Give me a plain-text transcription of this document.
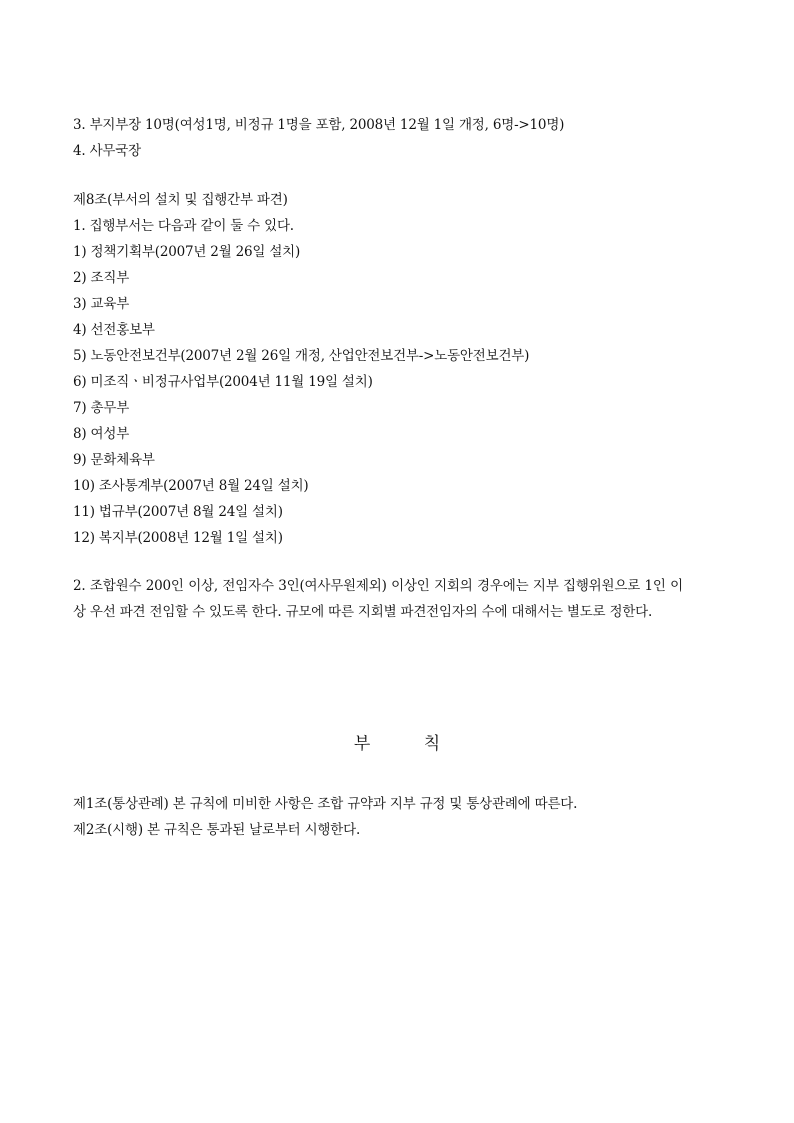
3. 부지부장 10명(여성1명, 비정규 1명을 포함, 2008년 12월 1일 개정, 6명->10명)
4. 사무국장
제8조(부서의 설치 및 집행간부 파견)
1. 집행부서는 다음과 같이 둘 수 있다.
1) 정책기획부(2007년 2월 26일 설치)
2) 조직부
3) 교육부
4) 선전홍보부
5) 노동안전보건부(2007년 2월 26일 개정, 산업안전보건부->노동안전보건부)
6) 미조직ㆍ비정규사업부(2004년 11월 19일 설치)
7) 총무부
8) 여성부
9) 문화체육부
10) 조사통계부(2007년 8월 24일 설치)
11) 법규부(2007년 8월 24일 설치)
12) 복지부(2008년 12월 1일 설치)
2. 조합원수 200인 이상, 전임자수 3인(여사무원제외) 이상인 지회의 경우에는 지부 집행위원으로 1인 이상 우선 파견 전임할 수 있도록 한다. 규모에 따른 지회별 파견전임자의 수에 대해서는 별도로 정한다.
부 칙
제1조(통상관례) 본 규칙에 미비한 사항은 조합 규약과 지부 규정 및 통상관례에 따른다.
제2조(시행) 본 규칙은 통과된 날로부터 시행한다.
